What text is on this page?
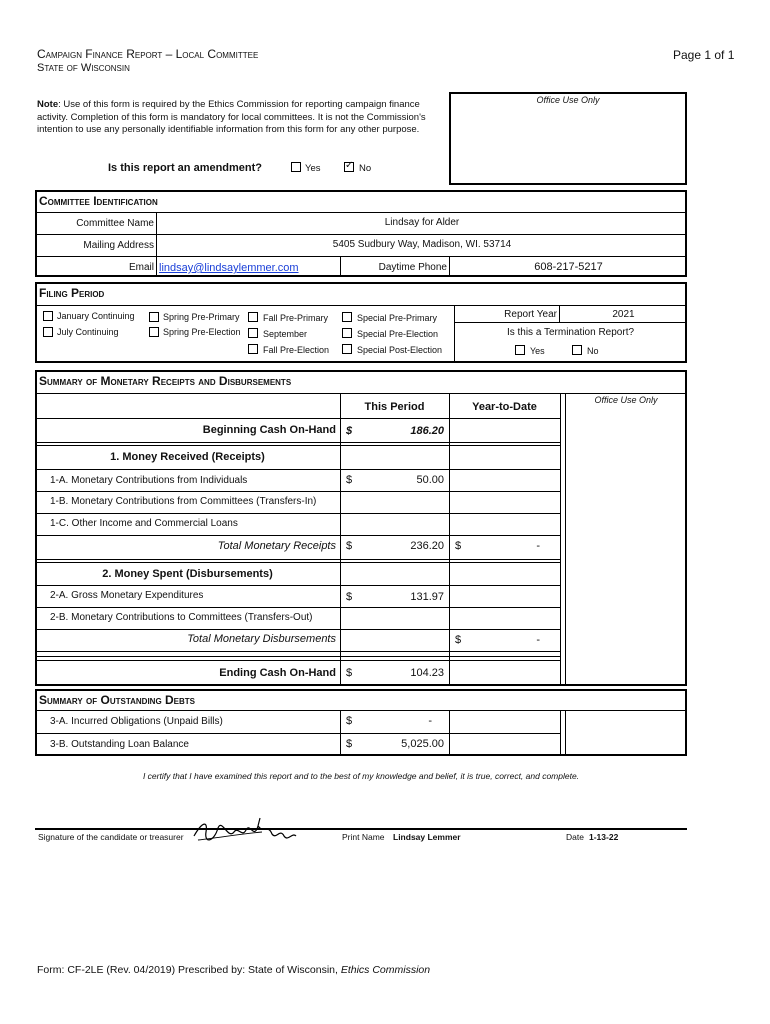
Campaign Finance Report – Local Committee
State of Wisconsin
Page 1 of 1
Note: Use of this form is required by the Ethics Commission for reporting campaign finance activity. Completion of this form is mandatory for local committees. It is not the Commission's intention to use any personally identifiable information from this form for any other purpose.
Office Use Only
Is this report an amendment?	Yes
✓	No
Committee Identification
Committee Name	Lindsay for Alder
Mailing Address	5405 Sudbury Way, Madison, WI. 53714
Email lindsay@lindsaylemmer.com	Daytime Phone	608-217-5217
Filing Period
January Continuing
July Continuing
Spring Pre-Primary
Spring Pre-Election
Fall Pre-Primary
September
Fall Pre-Election
Special Pre-Primary
Special Pre-Election
Special Post-Election
Report Year	2021
Is this a Termination Report?
Yes	No
Summary of Monetary Receipts and Disbursements
Office Use Only
This Period	Year-to-Date
Beginning Cash On-Hand $	186.20
1. Money Received (Receipts)
1-A. Monetary Contributions from Individuals	$	50.00
1-B. Monetary Contributions from Committees (Transfers-In)
1-C. Other Income and Commercial Loans
Total Monetary Receipts $	236.20 $	-
2. Money Spent (Disbursements)
2-A. Gross Monetary Expenditures	$	131.97
2-B. Monetary Contributions to Committees (Transfers-Out)
Total Monetary Disbursements	$	-
Ending Cash On-Hand $	104.23
Summary of Outstanding Debts
3-A. Incurred Obligations (Unpaid Bills)	$	-
3-B. Outstanding Loan Balance	$	5,025.00
I certify that I have examined this report and to the best of my knowledge and belief, it is true, correct, and complete.
Signature of the candidate or treasurer	Print Name Lindsay Lemmer	Date 1-13-22
Form: CF-2LE (Rev. 04/2019) Prescribed by: State of Wisconsin, Ethics Commission
